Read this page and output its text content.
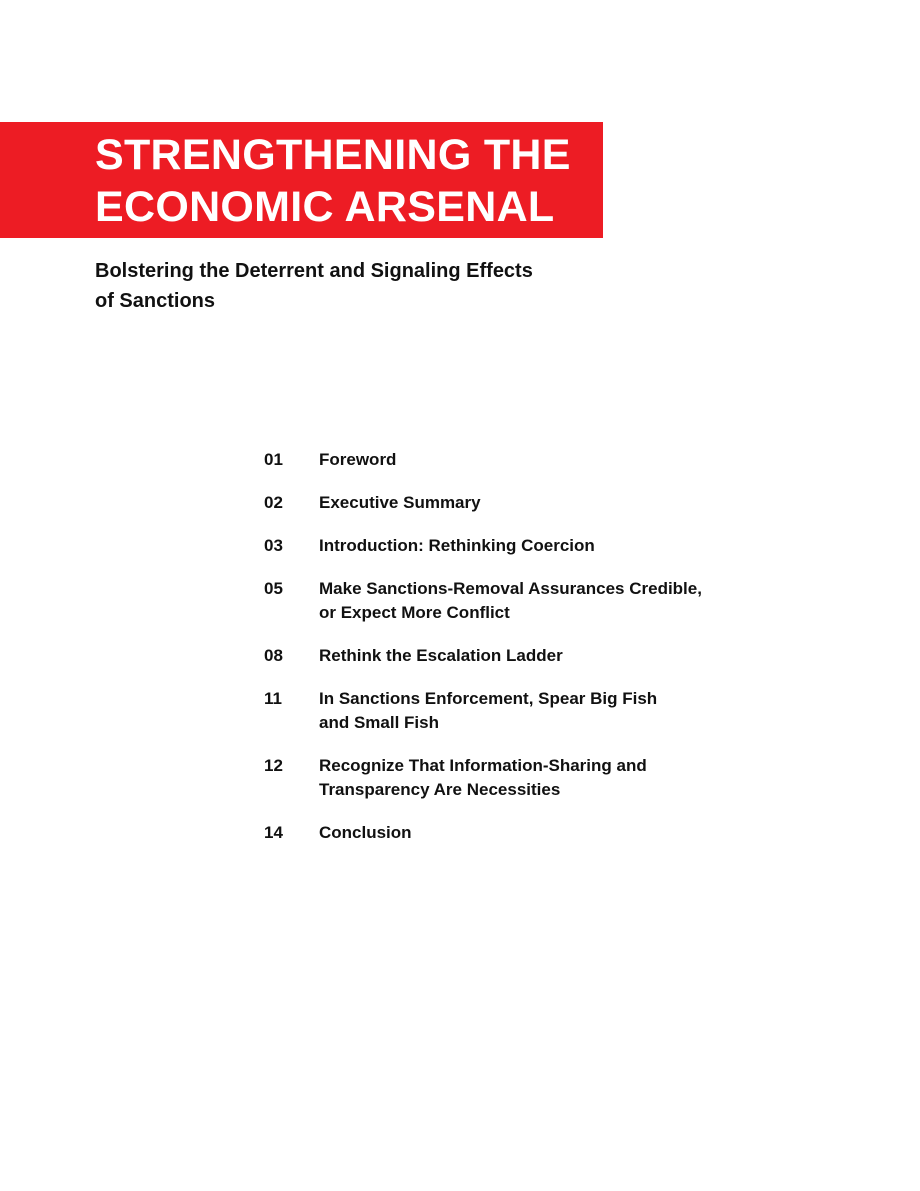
STRENGTHENING THE
ECONOMIC ARSENAL
Bolstering the Deterrent and Signaling Effects
of Sanctions
01	Foreword
02	Executive Summary
03	Introduction: Rethinking Coercion
05	Make Sanctions-Removal Assurances Credible,
or Expect More Conflict
08	Rethink the Escalation Ladder
11	In Sanctions Enforcement, Spear Big Fish
and Small Fish
12	Recognize That Information-Sharing and
Transparency Are Necessities
14	Conclusion
